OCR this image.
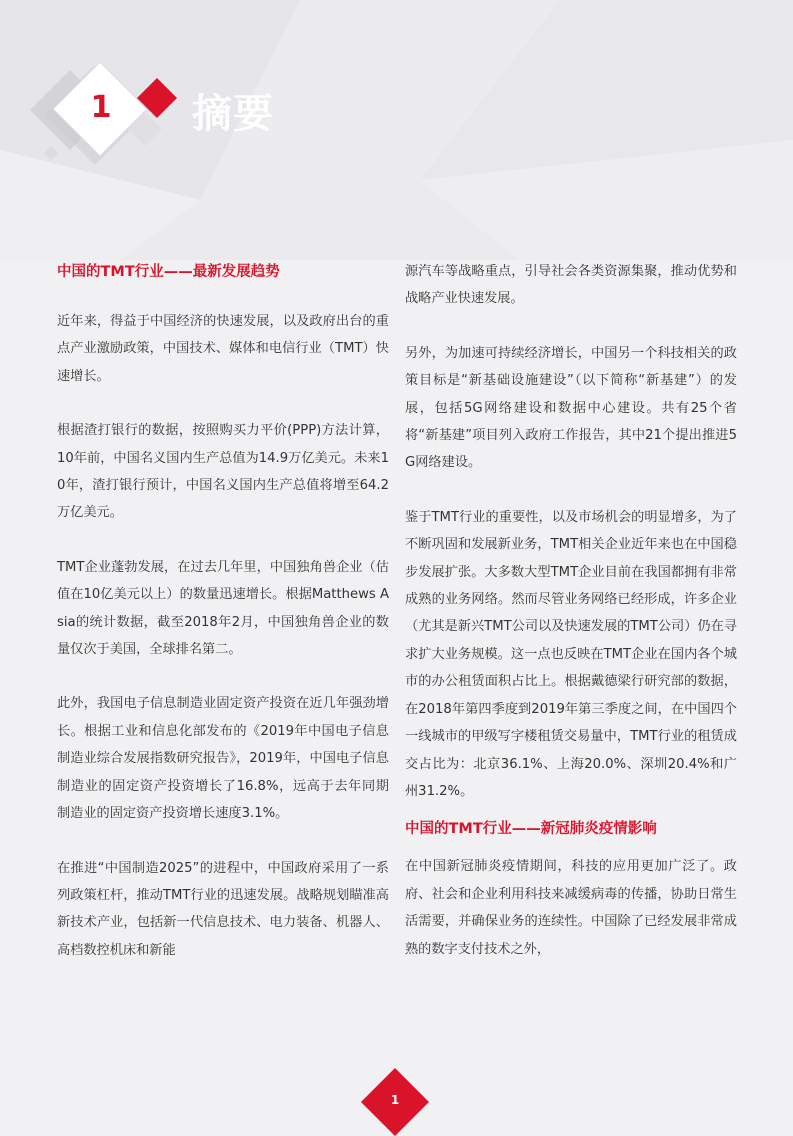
1 摘要
中国的TMT行业——最新发展趋势

近年来，得益于中国经济的快速发展，以及政府出台的重点产业激励政策，中国技术、媒体和电信行业（TMT）快速增长。

根据渣打银行的数据，按照购买力平价(PPP)方法计算，10年前，中国名义国内生产总值为14.9万亿美元。未来10年，渣打银行预计，中国名义国内生产总值将增至64.2万亿美元。

TMT企业蓬勃发展，在过去几年里，中国独角兽企业（估值在10亿美元以上）的数量迅速增长。根据Matthews Asia的统计数据，截至2018年2月，中国独角兽企业的数量仅次于美国，全球排名第二。

此外，我国电子信息制造业固定资产投资在近几年强劲增长。根据工业和信息化部发布的《2019年中国电子信息制造业综合发展指数研究报告》，2019年，中国电子信息制造业的固定资产投资增长了16.8%，远高于去年同期制造业的固定资产投资增长速度3.1%。

在推进“中国制造2025”的进程中，中国政府采用了一系列政策杠杆，推动TMT行业的迅速发展。战略规划瞄准高新技术产业，包括新一代信息技术、电力装备、机器人、高档数控机床和新能

源汽车等战略重点，引导社会各类资源集聚，推动优势和战略产业快速发展。

另外，为加速可持续经济增长，中国另一个科技相关的政策目标是“新基础设施建设”（以下简称“新基建”）的发展，包括5G网络建设和数据中心建设。共有25个省将“新基建”项目列入政府工作报告，其中21个提出推进5G网络建设。

鉴于TMT行业的重要性，以及市场机会的明显增多，为了不断巩固和发展新业务，TMT相关企业近年来也在中国稳步发展扩张。大多数大型TMT企业目前在我国都拥有非常成熟的业务网络。然而尽管业务网络已经形成，许多企业（尤其是新兴TMT公司以及快速发展的TMT公司）仍在寻求扩大业务规模。这一点也反映在TMT企业在国内各个城市的办公租赁面积占比上。根据戴德梁行研究部的数据，在2018年第四季度到2019年第三季度之间，在中国四个一线城市的甲级写字楼租赁交易量中，TMT行业的租赁成交占比为：北京36.1%、上海20.0%、深圳20.4%和广州31.2%。

中国的TMT行业——新冠肺炎疫情影响

在中国新冠肺炎疫情期间，科技的应用更加广泛了。政府、社会和企业利用科技来减缓病毒的传播，协助日常生活需要，并确保业务的连续性。中国除了已经发展非常成熟的数字支付技术之外，

1
